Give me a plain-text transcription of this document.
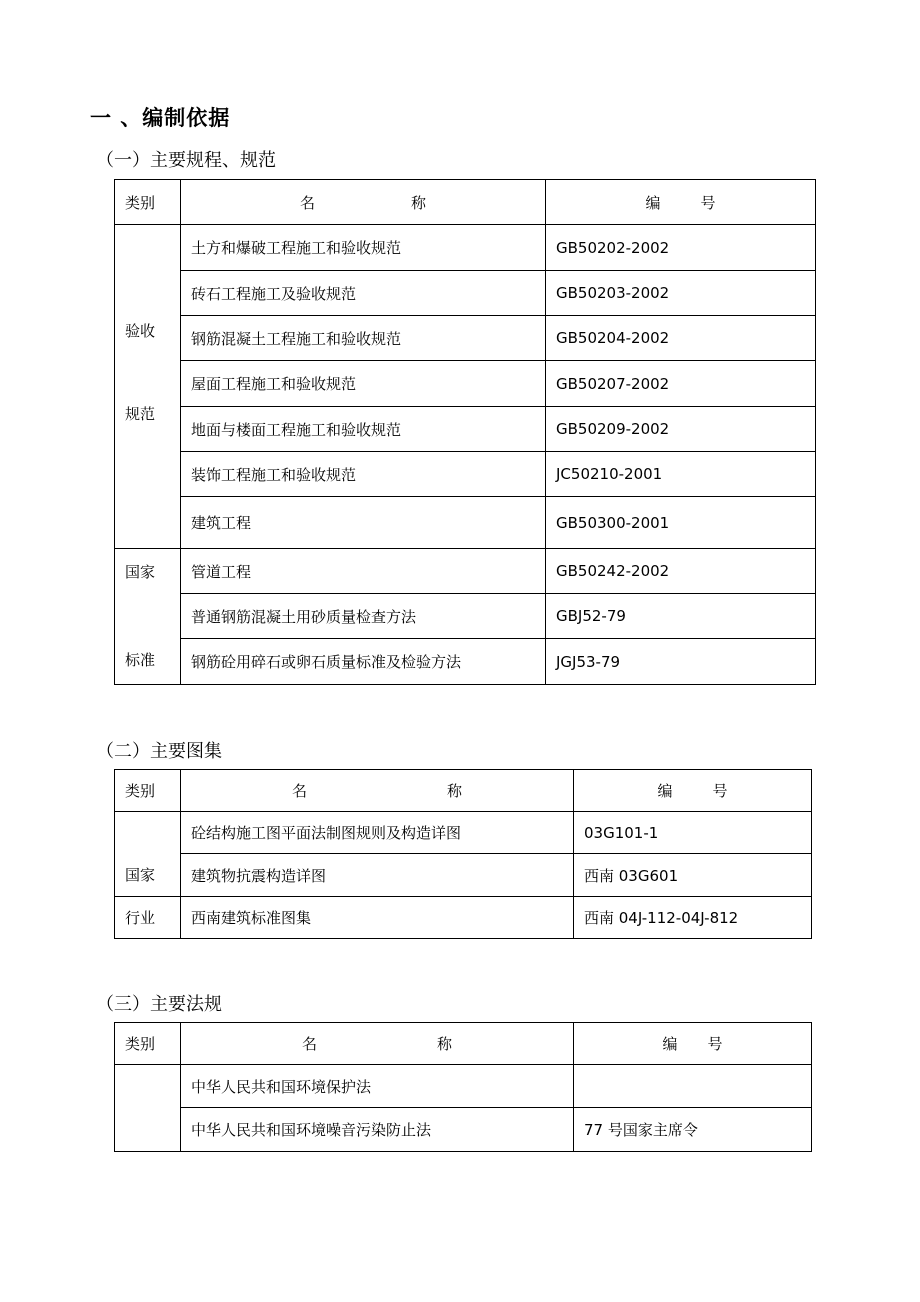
一 、编制依据
（一）主要规程、规范
类别	名 称	编 号

验收
规范	土方和爆破工程施工和验收规范	GB50202-2002
	砖石工程施工及验收规范	GB50203-2002
	钢筋混凝土工程施工和验收规范	GB50204-2002
	屋面工程施工和验收规范	GB50207-2002
	地面与楼面工程施工和验收规范	GB50209-2002
	装饰工程施工和验收规范	JC50210-2001
	建筑工程	GB50300-2001

国家
标准	管道工程	GB50242-2002
	普通钢筋混凝土用砂质量检查方法	GBJ52-79
	钢筋砼用碎石或卵石质量标准及检验方法	JGJ53-79
（二）主要图集
类别	名 称	编 号

国家	砼结构施工图平面法制图规则及构造详图	03G101-1
	建筑物抗震构造详图	西南 03G601
行业	西南建筑标准图集	西南 04J-112-04J-812
（三）主要法规
类别	名 称	编 号
	中华人民共和国环境保护法	
	中华人民共和国环境噪音污染防止法	77 号国家主席令
